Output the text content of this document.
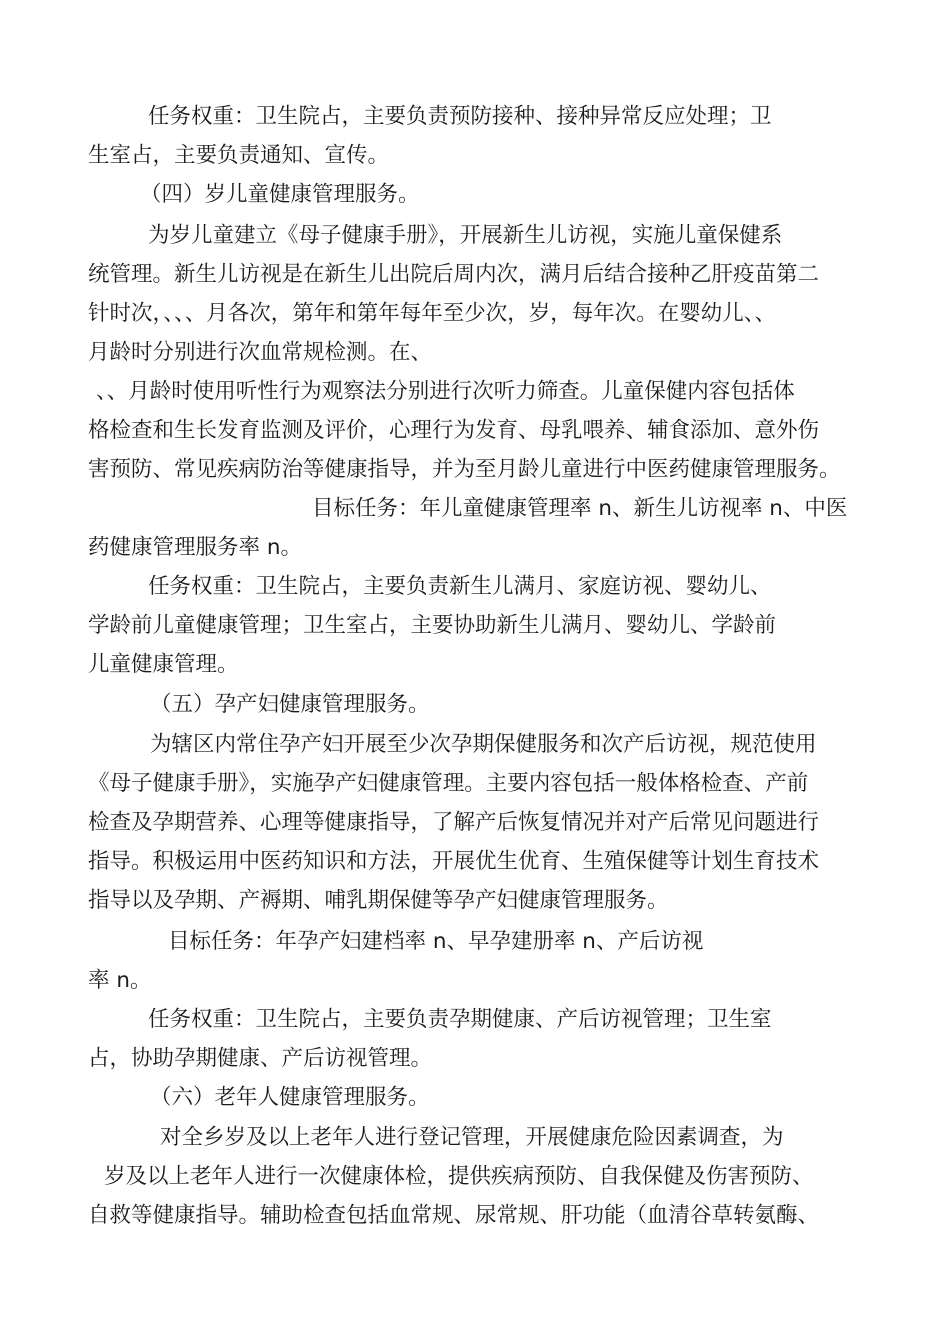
任务权重：卫生院占，主要负责预防接种、接种异常反应处理；卫
生室占，主要负责通知、宣传。
（四）岁儿童健康管理服务。
为岁儿童建立《母子健康手册》，开展新生儿访视，实施儿童保健系
统管理。新生儿访视是在新生儿出院后周内次，满月后结合接种乙肝疫苗第二
针时次，、、、月各次，第年和第年每年至少次，岁，每年次。在婴幼儿、、
月龄时分别进行次血常规检测。在、
、、月龄时使用听性行为观察法分别进行次听力筛查。儿童保健内容包括体
格检查和生长发育监测及评价，心理行为发育、母乳喂养、辅食添加、意外伤
害预防、常见疾病防治等健康指导，并为至月龄儿童进行中医药健康管理服务。
目标任务：年儿童健康管理率 n、新生儿访视率 n、中医
药健康管理服务率 n。
任务权重：卫生院占，主要负责新生儿满月、家庭访视、婴幼儿、
学龄前儿童健康管理；卫生室占，主要协助新生儿满月、婴幼儿、学龄前
儿童健康管理。
（五）孕产妇健康管理服务。
为辖区内常住孕产妇开展至少次孕期保健服务和次产后访视，规范使用
《母子健康手册》，实施孕产妇健康管理。主要内容包括一般体格检查、产前
检查及孕期营养、心理等健康指导，了解产后恢复情况并对产后常见问题进行
指导。积极运用中医药知识和方法，开展优生优育、生殖保健等计划生育技术
指导以及孕期、产褥期、哺乳期保健等孕产妇健康管理服务。
目标任务：年孕产妇建档率 n、早孕建册率 n、产后访视
率 n。
任务权重：卫生院占，主要负责孕期健康、产后访视管理；卫生室
占，协助孕期健康、产后访视管理。
（六）老年人健康管理服务。
对全乡岁及以上老年人进行登记管理，开展健康危险因素调查，为
岁及以上老年人进行一次健康体检，提供疾病预防、自我保健及伤害预防、
自救等健康指导。辅助检查包括血常规、尿常规、肝功能（血清谷草转氨酶、
